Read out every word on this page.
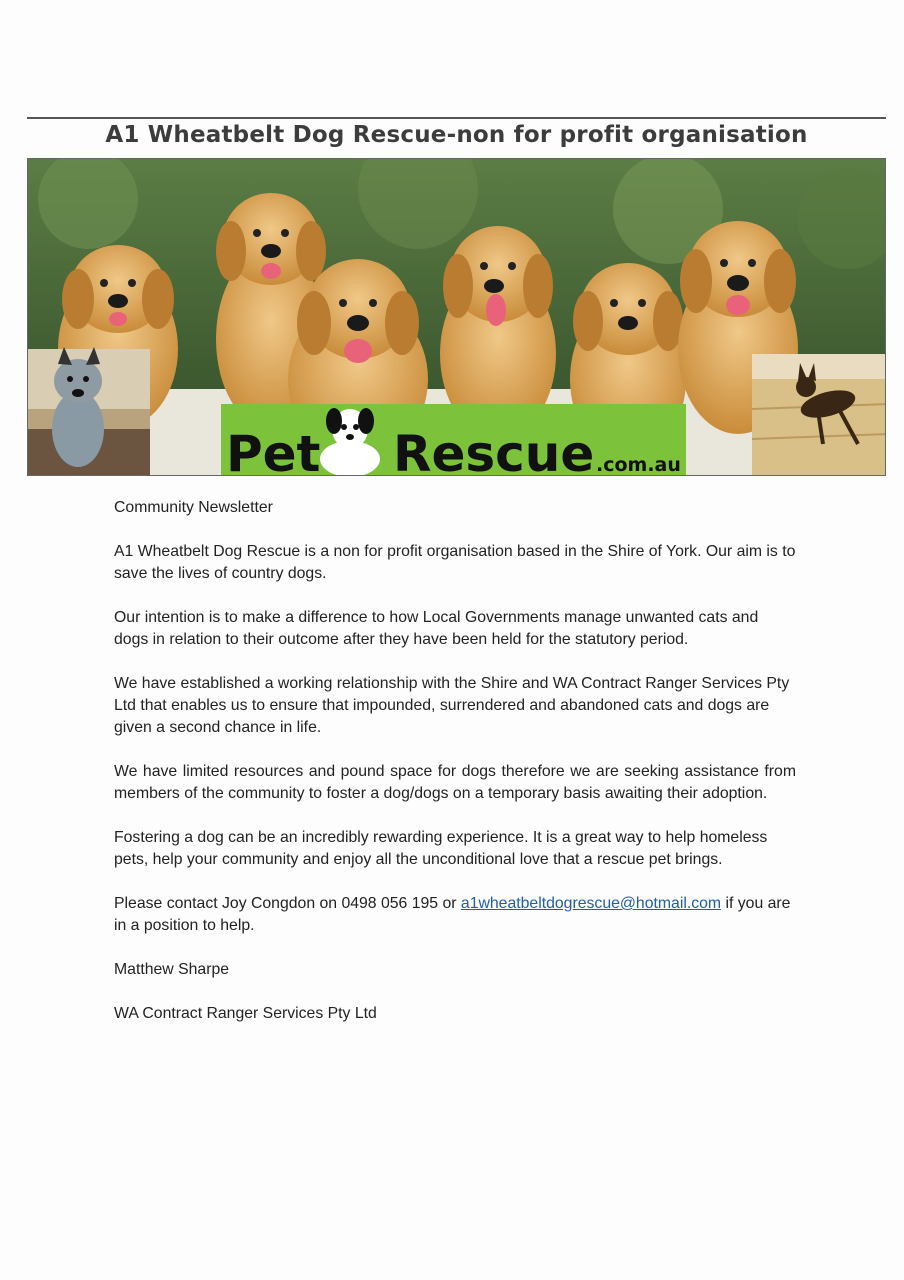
A1 Wheatbelt Dog Rescue-non for profit organisation
Pet Rescue .com.au

Community Newsletter

A1 Wheatbelt Dog Rescue is a non for profit organisation based in the Shire of York. Our aim is to save the lives of country dogs.

Our intention is to make a difference to how Local Governments manage unwanted cats and dogs in relation to their outcome after they have been held for the statutory period.

We have established a working relationship with the Shire and WA Contract Ranger Services Pty Ltd that enables us to ensure that impounded, surrendered and abandoned cats and dogs are given a second chance in life.

We have limited resources and pound space for dogs therefore we are seeking assistance from members of the community to foster a dog/dogs on a temporary basis awaiting their adoption.

Fostering a dog can be an incredibly rewarding experience. It is a great way to help homeless pets, help your community and enjoy all the unconditional love that a rescue pet brings.

Please contact Joy Congdon on 0498 056 195 or a1wheatbeltdogrescue@hotmail.com if you are in a position to help.

Matthew Sharpe

WA Contract Ranger Services Pty Ltd
